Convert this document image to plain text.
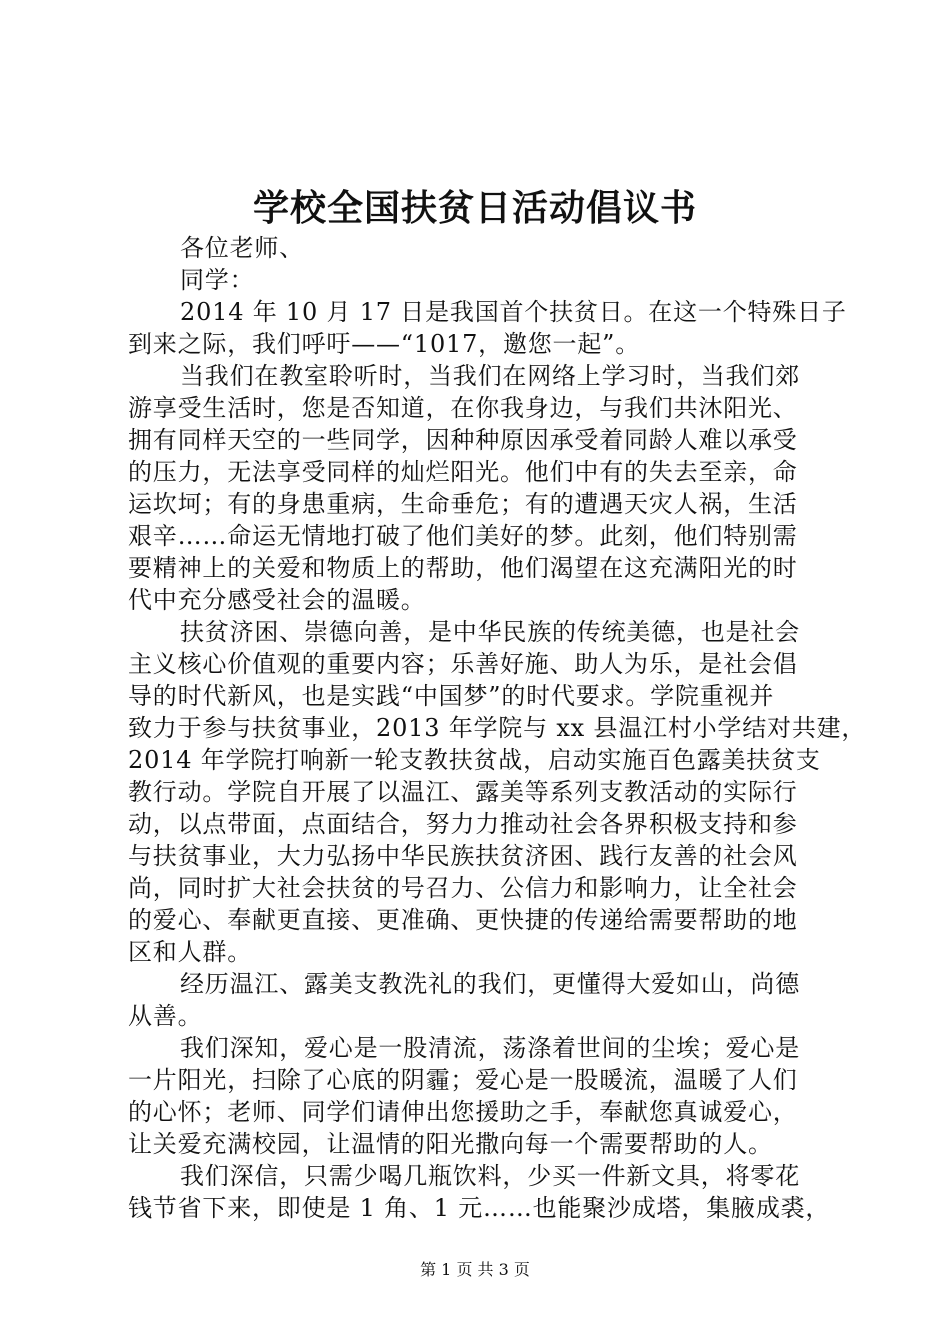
学校全国扶贫日活动倡议书
各位老师、
同学：
2014 年 10 月 17 日是我国首个扶贫日。在这一个特殊日子
到来之际，我们呼吁——“1017，邀您一起”。
当我们在教室聆听时，当我们在网络上学习时，当我们郊
游享受生活时，您是否知道，在你我身边，与我们共沐阳光、
拥有同样天空的一些同学，因种种原因承受着同龄人难以承受
的压力，无法享受同样的灿烂阳光。他们中有的失去至亲，命
运坎坷；有的身患重病，生命垂危；有的遭遇天灾人祸，生活
艰辛……命运无情地打破了他们美好的梦。此刻，他们特别需
要精神上的关爱和物质上的帮助，他们渴望在这充满阳光的时
代中充分感受社会的温暖。
扶贫济困、崇德向善，是中华民族的传统美德，也是社会
主义核心价值观的重要内容；乐善好施、助人为乐，是社会倡
导的时代新风，也是实践“中国梦”的时代要求。学院重视并
致力于参与扶贫事业，2013 年学院与 xx 县温江村小学结对共建，
2014 年学院打响新一轮支教扶贫战，启动实施百色露美扶贫支
教行动。学院自开展了以温江、露美等系列支教活动的实际行
动，以点带面，点面结合，努力力推动社会各界积极支持和参
与扶贫事业，大力弘扬中华民族扶贫济困、践行友善的社会风
尚，同时扩大社会扶贫的号召力、公信力和影响力，让全社会
的爱心、奉献更直接、更准确、更快捷的传递给需要帮助的地
区和人群。
经历温江、露美支教洗礼的我们，更懂得大爱如山，尚德
从善。
我们深知，爱心是一股清流，荡涤着世间的尘埃；爱心是
一片阳光，扫除了心底的阴霾；爱心是一股暖流，温暖了人们
的心怀；老师、同学们请伸出您援助之手，奉献您真诚爱心，
让关爱充满校园，让温情的阳光撒向每一个需要帮助的人。
我们深信，只需少喝几瓶饮料，少买一件新文具，将零花
钱节省下来，即使是 1 角、1 元……也能聚沙成塔，集腋成裘，
第 1 页 共 3 页
